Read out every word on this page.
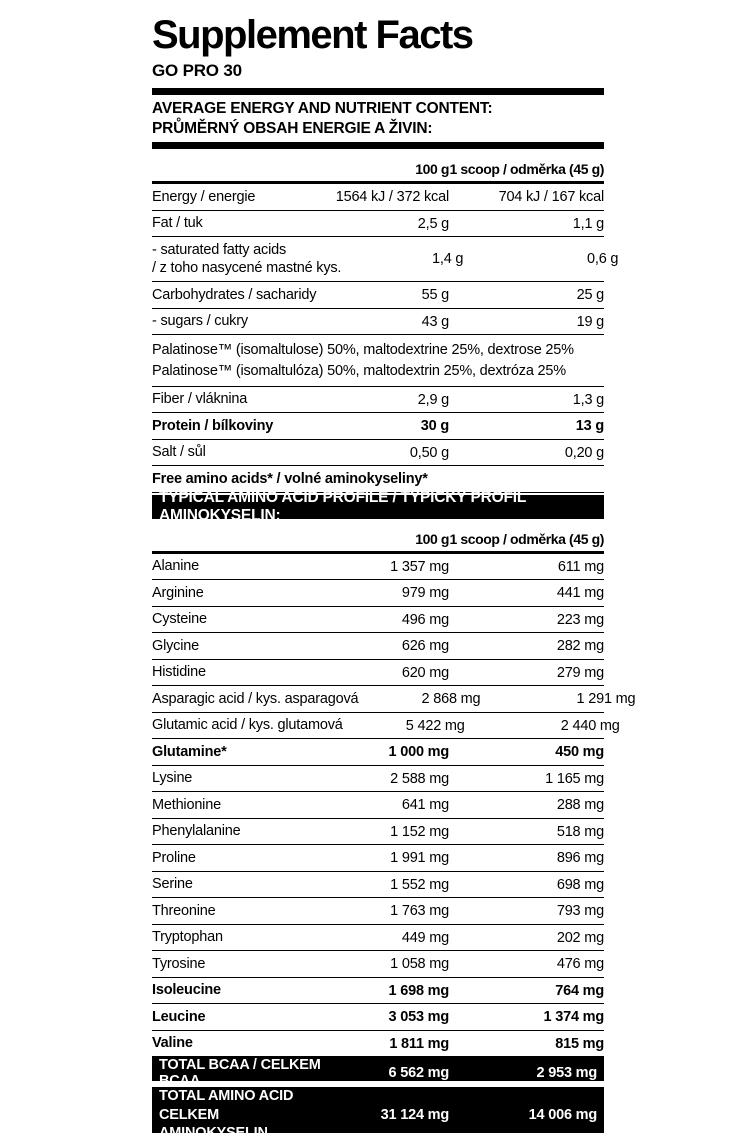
Supplement Facts
GO PRO 30
AVERAGE ENERGY AND NUTRIENT CONTENT:
PRŮMĚRNÝ OBSAH ENERGIE A ŽIVIN:
100 g 1 scoop / odměrka (45 g)
Energy / energie	1564 kJ / 372 kcal	704 kJ / 167 kcal
Fat / tuk	2,5 g	1,1 g
- saturated fatty acids
/ z toho nasycené mastné kys.
1,4 g	0,6 g
Carbohydrates / sacharidy	55 g	25 g
- sugars / cukry	43 g	19 g
Palatinose™ (isomaltulose) 50%, maltodextrine 25%, dextrose 25%
Palatinose™ (isomaltulóza) 50%, maltodextrin 25%, dextróza 25%
Fiber / vláknina	2,9 g	1,3 g
Protein / bílkoviny	30 g	13 g
Salt / sůl	0,50 g	0,20 g
Free amino acids* / volné aminokyseliny*
TYPICAL AMINO ACID PROFILE / TYPICKÝ PROFIL AMINOKYSELIN:
100 g 1 scoop / odměrka (45 g)
Alanine	1 357 mg	611 mg
Arginine	979 mg	441 mg
Cysteine	496 mg	223 mg
Glycine	626 mg	282 mg
Histidine	620 mg	279 mg
Asparagic acid / kys. asparagová	2 868 mg	1 291 mg
Glutamic acid / kys. glutamová	5 422 mg	2 440 mg
Glutamine*	1 000 mg	450 mg
Lysine	2 588 mg	1 165 mg
Methionine	641 mg	288 mg
Phenylalanine	1 152 mg	518 mg
Proline	1 991 mg	896 mg
Serine	1 552 mg	698 mg
Threonine	1 763 mg	793 mg
Tryptophan	449 mg	202 mg
Tyrosine	1 058 mg	476 mg
Isoleucine	1 698 mg	764 mg
Leucine	3 053 mg	1 374 mg
Valine	1 811 mg	815 mg
TOTAL BCAA / CELKEM BCAA	6 562 mg	2 953 mg
TOTAL AMINO ACID
CELKEM AMINOKYSELIN
31 124 mg	14 006 mg
